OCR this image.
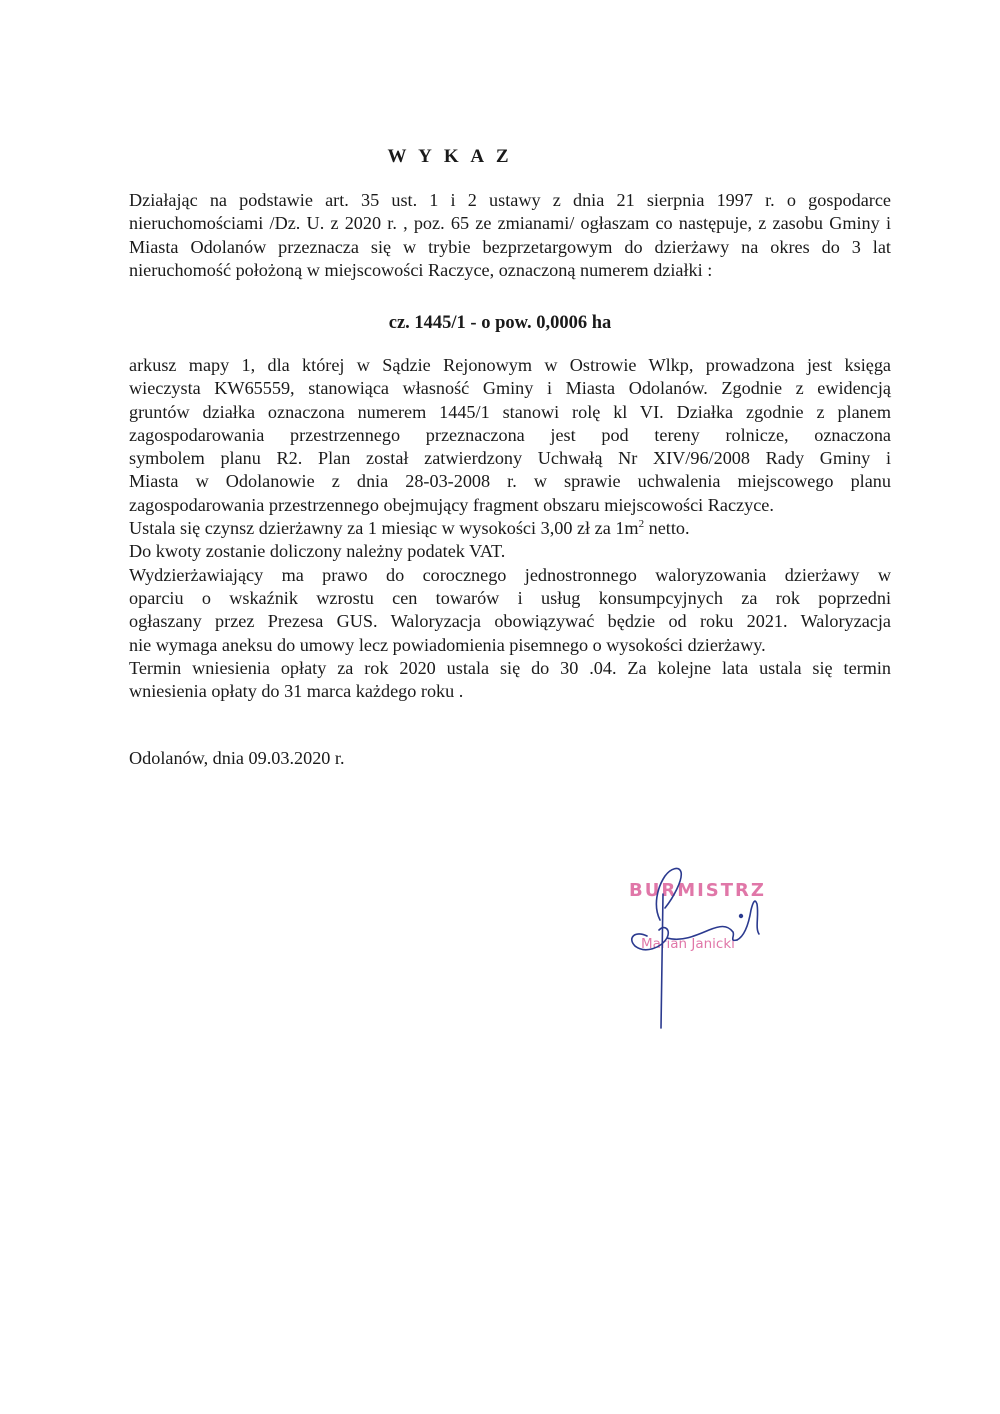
W Y K A Z
Działając na podstawie art. 35 ust. 1 i 2 ustawy z dnia 21 sierpnia 1997 r. o gospodarce nieruchomościami /Dz. U. z 2020 r. , poz. 65 ze zmianami/ ogłaszam co następuje, z zasobu Gminy i Miasta Odolanów przeznacza się w trybie bezprzetargowym do dzierżawy na okres do 3 lat nieruchomość położoną w miejscowości Raczyce, oznaczoną numerem działki :
cz. 1445/1 - o pow. 0,0006 ha
arkusz mapy 1, dla której w Sądzie Rejonowym w Ostrowie Wlkp, prowadzona jest księga
wieczysta KW65559, stanowiąca własność Gminy i Miasta Odolanów. Zgodnie z ewidencją
gruntów działka oznaczona numerem 1445/1 stanowi rolę kl VI. Działka zgodnie z planem
zagospodarowania przestrzennego przeznaczona jest pod tereny rolnicze, oznaczona
symbolem planu R2. Plan został zatwierdzony Uchwałą Nr XIV/96/2008 Rady Gminy i
Miasta w Odolanowie z dnia 28-03-2008 r. w sprawie uchwalenia miejscowego planu
zagospodarowania przestrzennego obejmujący fragment obszaru miejscowości Raczyce.
Ustala się czynsz dzierżawny za 1 miesiąc w wysokości 3,00 zł za $1m^2$ netto.
Do kwoty zostanie doliczony należny podatek VAT.
Wydzierżawiający ma prawo do corocznego jednostronnego waloryzowania dzierżawy w
oparciu o wskaźnik wzrostu cen towarów i usług konsumpcyjnych za rok poprzedni
ogłaszany przez Prezesa GUS. Waloryzacja obowiązywać będzie od roku 2021. Waloryzacja
nie wymaga aneksu do umowy lecz powiadomienia pisemnego o wysokości dzierżawy.
Termin wniesienia opłaty za rok 2020 ustala się do 30 .04. Za kolejne lata ustala się termin
wniesienia opłaty do 31 marca każdego roku .
Odolanów, dnia 09.03.2020 r.
BURMISTRZ
Marian Janicki
